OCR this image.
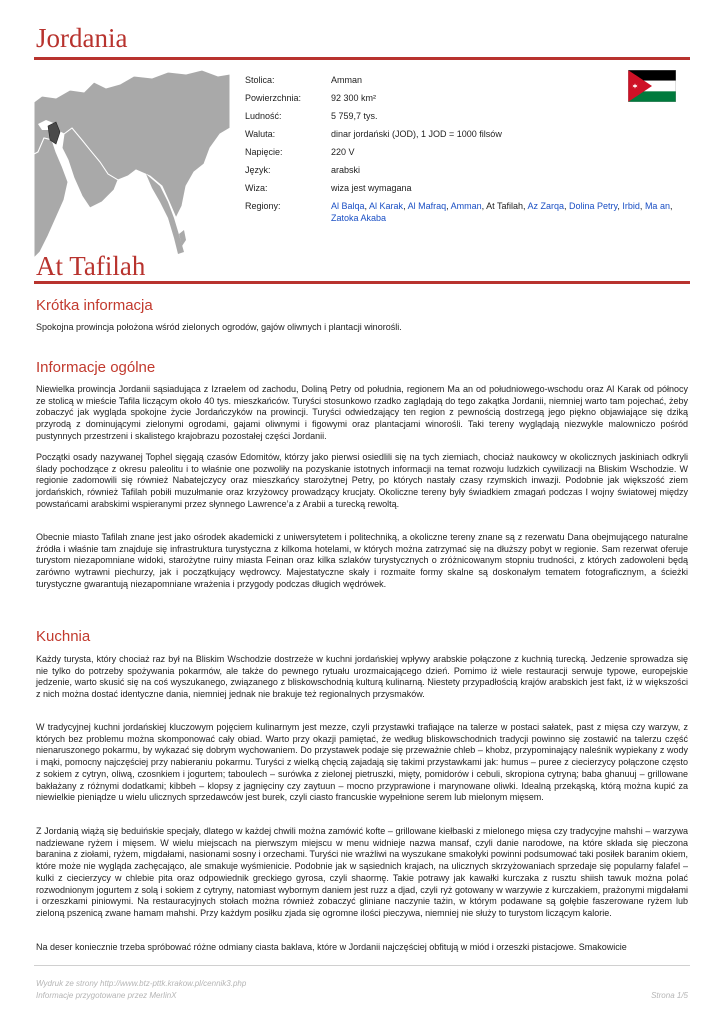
Jordania
Stolica:	Amman
Powierzchnia:	92 300 km²
Ludność:	5 759,7 tys.
Waluta:	dinar jordański (JOD), 1 JOD = 1000 filsów
Napięcie:	220 V
Język:	arabski
Wiza:	wiza jest wymagana
Regiony:	Al Balqa, Al Karak, Al Mafraq, Amman, At Tafilah, Az Zarqa, Dolina Petry, Irbid, Ma an, Zatoka Akaba
At Tafilah
Krótka informacja

Spokojna prowincja położona wśród zielonych ogrodów, gajów oliwnych i plantacji winorośli.

Informacje ogólne

Niewielka prowincja Jordanii sąsiadująca z Izraelem od zachodu, Doliną Petry od południa, regionem Ma an od południowego-wschodu oraz Al Karak od północy ze stolicą w mieście Tafila liczącym około 40 tys. mieszkańców. Turyści stosunkowo rzadko zaglądają do tego zakątka Jordanii, niemniej warto tam pojechać, żeby zobaczyć jak wygląda spokojne życie Jordańczyków na prowincji. Turyści odwiedzający ten region z pewnością dostrzegą jego piękno objawiające się dziką przyrodą z dominującymi zielonymi ogrodami, gajami oliwnymi i figowymi oraz plantacjami winorośli. Taki tereny wyglądają niezwykle malowniczo pośród pustynnych przestrzeni i skalistego krajobrazu pozostałej części Jordanii.

Początki osady nazywanej Tophel sięgają czasów Edomitów, którzy jako pierwsi osiedlili się na tych ziemiach, chociaż naukowcy w okolicznych jaskiniach odkryli ślady pochodzące z okresu paleolitu i to właśnie one pozwoliły na pozyskanie istotnych informacji na temat rozwoju ludzkich cywilizacji na Bliskim Wschodzie. W regionie zadomowili się również Nabatejczycy oraz mieszkańcy starożytnej Petry, po których nastały czasy rzymskich inwazji. Podobnie jak większość ziem jordańskich, również Tafilah pobiłi muzułmanie oraz krzyżowcy prowadzący krucjaty. Okoliczne tereny były świadkiem zmagań podczas I wojny światowej między powstańcami arabskimi wspieranymi przez słynnego Lawrence’a z Arabii a turecką rewoltą.

Obecnie miasto Tafilah znane jest jako ośrodek akademicki z uniwersytetem i politechniką, a okoliczne tereny znane są z rezerwatu Dana obejmującego naturalne źródła i właśnie tam znajduje się infrastruktura turystyczna z kilkoma hotelami, w których można zatrzymać się na dłuższy pobyt w regionie. Sam rezerwat oferuje turystom niezapomniane widoki, starożytne ruiny miasta Feinan oraz kilka szlaków turystycznych o zróżnicowanym stopniu trudności, z których zadowoleni będą zarówno wytrawni piechurzy, jak i początkujący wędrowcy. Majestatyczne skały i rozmaite formy skalne są doskonałym tematem fotograficznym, a ścieżki turystyczne gwarantują niezapomniane wrażenia i przygody podczas długich wędrówek.

Kuchnia

Każdy turysta, który chociaż raz był na Bliskim Wschodzie dostrzeże w kuchni jordańskiej wpływy arabskie połączone z kuchnią turecką. Jedzenie sprowadza się nie tylko do potrzeby spożywania pokarmów, ale także do pewnego rytuału urozmaicającego dzień. Pomimo iż wiele restauracji serwuje typowe, europejskie jedzenie, warto skusić się na coś wyszukanego, związanego z bliskowschodnią kulturą kulinarną. Niestety przypadłością krajów arabskich jest fakt, iż w większości z nich można dostać identyczne dania, niemniej jednak nie brakuje też regionalnych przysmaków.

W tradycyjnej kuchni jordańskiej kluczowym pojęciem kulinarnym jest mezze, czyli przystawki trafiające na talerze w postaci sałatek, past z mięsa czy warzyw, z których bez problemu można skomponować cały obiad. Warto przy okazji pamiętać, że według bliskowschodnich tradycji powinno się zostawić na talerzu część nienaruszonego pokarmu, by wykazać się dobrym wychowaniem. Do przystawek podaje się przeważnie chleb – khobz, przypominający naleśnik wypiekany z wody i mąki, pomocny najczęściej przy nabieraniu pokarmu. Turyści z wielką chęcią zajadają się takimi przystawkami jak: humus – puree z ciecierzycy połączone często z sokiem z cytryn, oliwą, czosnkiem i jogurtem; taboulech – surówka z zielonej pietruszki, mięty, pomidorów i cebuli, skropiona cytryną; baba ghanuuj – grillowane bakłażany z różnymi dodatkami; kibbeh – klopsy z jagnięciny czy zaytuun – mocno przyprawione i marynowane oliwki. Idealną przekąską, którą można kupić za niewielkie pieniądze u wielu ulicznych sprzedawców jest burek, czyli ciasto francuskie wypełnione serem lub mielonym mięsem.

Z Jordanią wiążą się beduińskie specjały, dlatego w każdej chwili można zamówić kofte – grillowane kiełbaski z mielonego mięsa czy tradycyjne mahshi – warzywa nadziewane ryżem i mięsem. W wielu miejscach na pierwszym miejscu w menu widnieje nazwa mansaf, czyli danie narodowe, na które składa się pieczona baranina z ziołami, ryżem, migdałami, nasionami sosny i orzechami. Turyści nie wrażliwi na wyszukane smakołyki powinni podsumować taki posiłek baranim okiem, które może nie wygląda zachęcająco, ale smakuje wyśmienicie. Podobnie jak w sąsiednich krajach, na ulicznych skrzyżowaniach sprzedaje się popularny falafel – kulki z ciecierzycy w chlebie pita oraz odpowiednik greckiego gyrosa, czyli shaormę. Takie potrawy jak kawałki kurczaka z rusztu shiish tawuk można polać rozwodnionym jogurtem z solą i sokiem z cytryny, natomiast wybornym daniem jest ruzz a djad, czyli ryż gotowany w warzywie z kurczakiem, prażonymi migdałami i orzeszkami piniowymi. Na restauracyjnych stołach można również zobaczyć gliniane naczynie tażin, w którym podawane są gołębie faszerowane ryżem lub zieloną pszenicą zwane hamam mahshi. Przy każdym posiłku zjada się ogromne ilości pieczywa, niemniej nie służy to turystom liczącym kalorie.

Na deser koniecznie trzeba spróbować różne odmiany ciasta baklava, które w Jordanii najczęściej obfitują w miód i orzeszki pistacjowe. Smakowicie

Wydruk ze strony http://www.btz-pttk.krakow.pl/cennik3.php
Informacje przygotowane przez MerlinX	Strona 1/5
